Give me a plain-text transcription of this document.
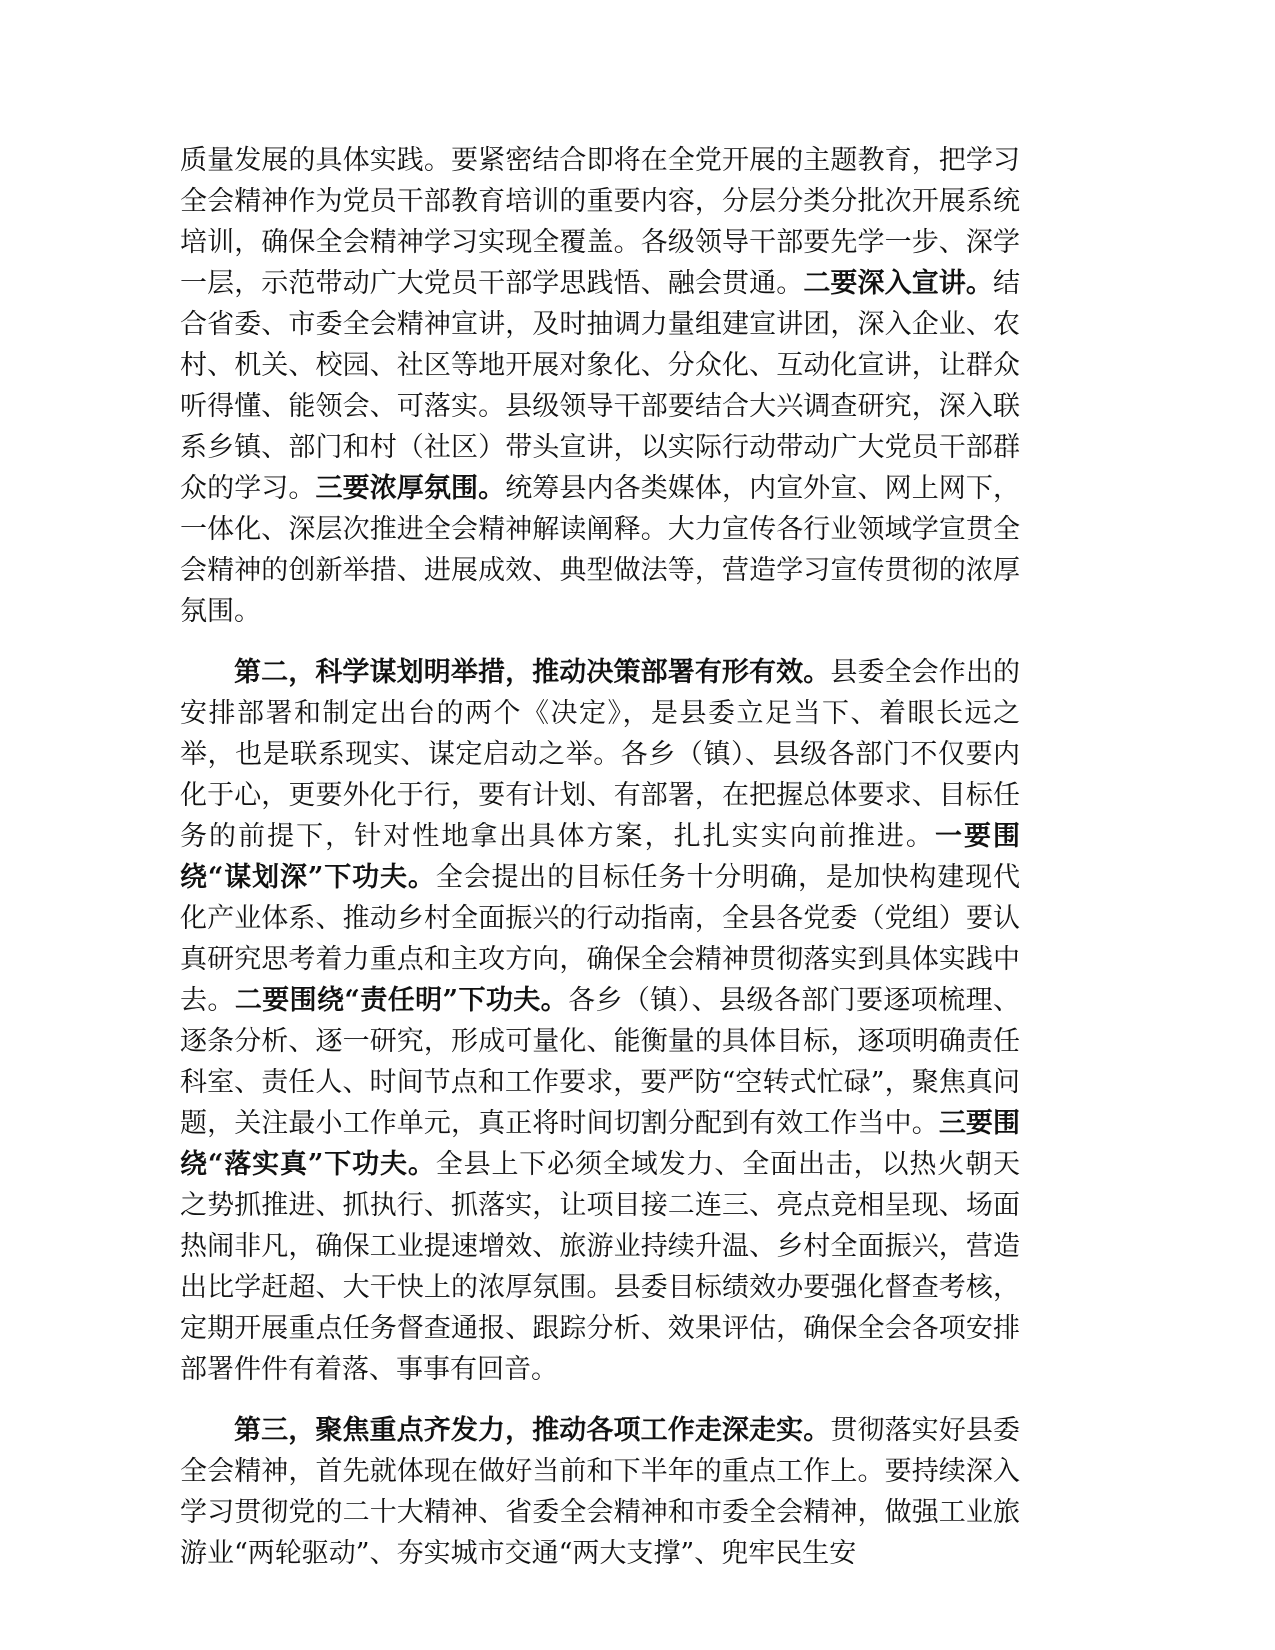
质量发展的具体实践。要紧密结合即将在全党开展的主题教育，把学习全会精神作为党员干部教育培训的重要内容，分层分类分批次开展系统培训，确保全会精神学习实现全覆盖。各级领导干部要先学一步、深学一层，示范带动广大党员干部学思践悟、融会贯通。二要深入宣讲。结合省委、市委全会精神宣讲，及时抽调力量组建宣讲团，深入企业、农村、机关、校园、社区等地开展对象化、分众化、互动化宣讲，让群众听得懂、能领会、可落实。县级领导干部要结合大兴调查研究，深入联系乡镇、部门和村（社区）带头宣讲，以实际行动带动广大党员干部群众的学习。三要浓厚氛围。统筹县内各类媒体，内宣外宣、网上网下，一体化、深层次推进全会精神解读阐释。大力宣传各行业领域学宣贯全会精神的创新举措、进展成效、典型做法等，营造学习宣传贯彻的浓厚氛围。

第二，科学谋划明举措，推动决策部署有形有效。县委全会作出的安排部署和制定出台的两个《决定》，是县委立足当下、着眼长远之举，也是联系现实、谋定启动之举。各乡（镇）、县级各部门不仅要内化于心，更要外化于行，要有计划、有部署，在把握总体要求、目标任务的前提下，针对性地拿出具体方案，扎扎实实向前推进。一要围绕“谋划深”下功夫。全会提出的目标任务十分明确，是加快构建现代化产业体系、推动乡村全面振兴的行动指南，全县各党委（党组）要认真研究思考着力重点和主攻方向，确保全会精神贯彻落实到具体实践中去。二要围绕“责任明”下功夫。各乡（镇）、县级各部门要逐项梳理、逐条分析、逐一研究，形成可量化、能衡量的具体目标，逐项明确责任科室、责任人、时间节点和工作要求，要严防“空转式忙碌”，聚焦真问题，关注最小工作单元，真正将时间切割分配到有效工作当中。三要围绕“落实真”下功夫。全县上下必须全域发力、全面出击，以热火朝天之势抓推进、抓执行、抓落实，让项目接二连三、亮点竞相呈现、场面热闹非凡，确保工业提速增效、旅游业持续升温、乡村全面振兴，营造出比学赶超、大干快上的浓厚氛围。县委目标绩效办要强化督查考核，定期开展重点任务督查通报、跟踪分析、效果评估，确保全会各项安排部署件件有着落、事事有回音。

第三，聚焦重点齐发力，推动各项工作走深走实。贯彻落实好县委全会精神，首先就体现在做好当前和下半年的重点工作上。要持续深入学习贯彻党的二十大精神、省委全会精神和市委全会精神，做强工业旅游业“两轮驱动”、夯实城市交通“两大支撑”、兜牢民生安
